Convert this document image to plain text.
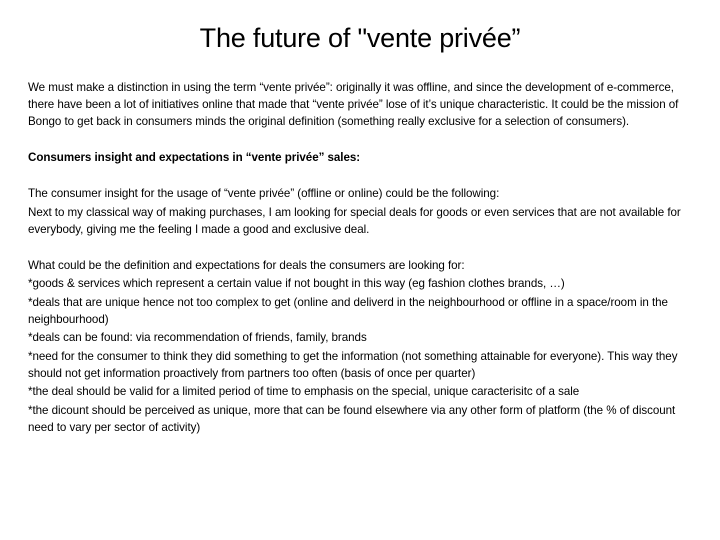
The future of "vente privée”

We must make a distinction in using the term “vente privée”: originally it was offline, and since the development of e-commerce, there have been a lot of initiatives online that made that “vente privée” lose of it’s unique characteristic. It could be the mission of Bongo to get back in consumers minds the original definition (something really exclusive for a selection of consumers).

Consumers insight and expectations in “vente privée” sales:

The consumer insight for the usage of “vente privée” (offline or online) could be the following:

Next to my classical way of making purchases, I am looking for special deals for goods or even services that are not available for everybody, giving me the feeling I made a good and exclusive deal.

What could be the definition and expectations for deals the consumers are looking for:

*goods & services which represent a certain value if not bought in this way (eg fashion clothes brands, …)

*deals that are unique hence not too complex to get (online and deliverd in the neighbourhood or offline in a space/room in the neighbourhood)

*deals can be found: via recommendation of friends, family, brands

*need for the consumer to think they did something to get the information (not something attainable for everyone). This way they should not get information proactively from partners too often (basis of once per quarter)

*the deal should be valid for a limited period of time to emphasis on the special, unique caracterisitc of a sale

*the dicount should be perceived as unique, more that can be found elsewhere via any other form of platform (the % of discount need to vary per sector of activity)
